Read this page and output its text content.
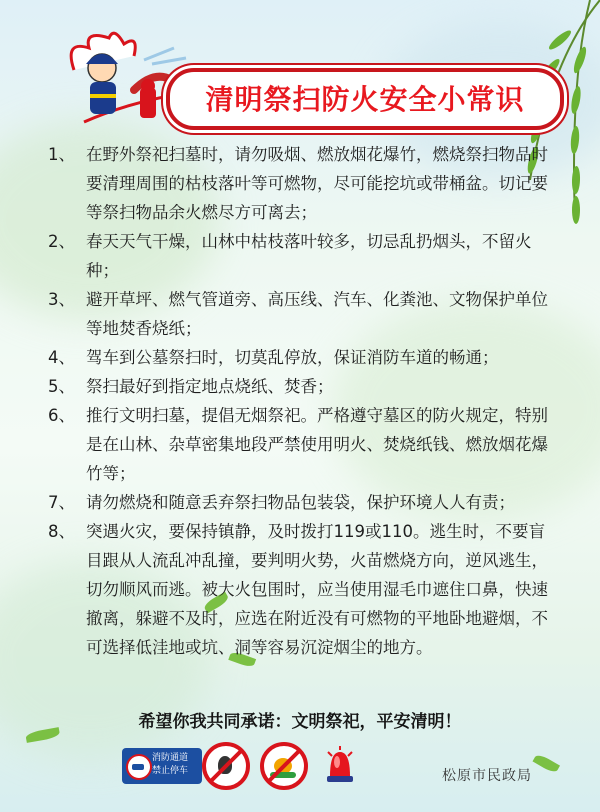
清明祭扫防火安全小常识
1、 在野外祭祀扫墓时，请勿吸烟、燃放烟花爆竹，燃烧祭扫物品时要清理周围的枯枝落叶等可燃物，尽可能挖坑或带桶盆。切记要等祭扫物品余火燃尽方可离去；
2、 春天天气干燥，山林中枯枝落叶较多，切忌乱扔烟头，不留火种；
3、 避开草坪、燃气管道旁、高压线、汽车、化粪池、文物保护单位等地焚香烧纸；
4、 驾车到公墓祭扫时，切莫乱停放，保证消防车道的畅通；
5、 祭扫最好到指定地点烧纸、焚香；
6、 推行文明扫墓，提倡无烟祭祀。严格遵守墓区的防火规定，特别是在山林、杂草密集地段严禁使用明火、焚烧纸钱、燃放烟花爆竹等；
7、 请勿燃烧和随意丢弃祭扫物品包装袋，保护环境人人有责；
8、 突遇火灾，要保持镇静，及时拨打119或110。逃生时，不要盲目跟从人流乱冲乱撞，要判明火势，火苗燃烧方向，逆风逃生，切勿顺风而逃。被大火包围时，应当使用湿毛巾遮住口鼻，快速撤离，躲避不及时，应选在附近没有可燃物的平地卧地避烟，不可选择低洼地或坑、洞等容易沉淀烟尘的地方。
希望你我共同承诺：文明祭祀，平安清明！
消防通道
禁止停车	松原市民政局
